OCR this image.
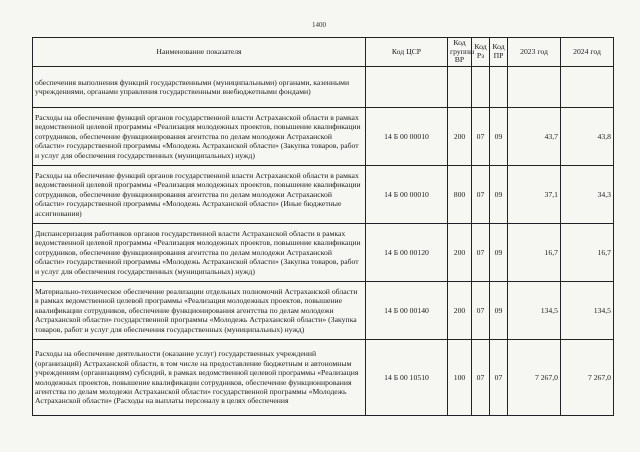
1400
Наименование показателя	Код ЦСР	Код группы ВР	Код Рз	Код ПР	2023 год	2024 год
обеспечения выполнения функций государственными (муниципальными) органами, казенными учреждениями, органами управления государственными внебюджетными фондами)						
Расходы на обеспечение функций органов государственной власти Астраханской области в рамках ведомственной целевой программы «Реализация молодежных проектов, повышение квалификации сотрудников, обеспечение функционирования агентства по делам молодежи Астраханской области» государственной программы «Молодежь Астраханской области» (Закупка товаров, работ и услуг для обеспечения государственных (муниципальных) нужд)	14 Б 00 00010	200	07	09	43,7	43,8
Расходы на обеспечение функций органов государственной власти Астраханской области в рамках ведомственной целевой программы «Реализация молодежных проектов, повышение квалификации сотрудников, обеспечение функционирования агентства по делам молодежи Астраханской области» государственной программы «Молодежь Астраханской области» (Иные бюджетные ассигнования)	14 Б 00 00010	800	07	09	37,1	34,3
Диспансеризация работников органов государственной власти Астраханской области в рамках ведомственной целевой программы «Реализация молодежных проектов, повышение квалификации сотрудников, обеспечение функционирования агентства по делам молодежи Астраханской области» государственной программы «Молодежь Астраханской области» (Закупка товаров, работ и услуг для обеспечения государственных (муниципальных) нужд)	14 Б 00 00120	200	07	09	16,7	16,7
Материально-техническое обеспечение реализации отдельных полномочий Астраханской области в рамках ведомственной целевой программы «Реализация молодежных проектов, повышение квалификации сотрудников, обеспечение функционирования агентства по делам молодежи Астраханской области» государственной программы «Молодежь Астраханской области» (Закупка товаров, работ и услуг для обеспечения государственных (муниципальных) нужд)	14 Б 00 00140	200	07	09	134,5	134,5
Расходы на обеспечение деятельности (оказание услуг) государственных учреждений (организаций) Астраханской области, в том числе на предоставление бюджетным и автономным учреждениям (организациям) субсидий, в рамках ведомственной целевой программы «Реализация молодежных проектов, повышение квалификации сотрудников, обеспечение функционирования агентства по делам молодежи Астраханской области» государственной программы «Молодежь Астраханской области» (Расходы на выплаты персоналу в целях обеспечения	14 Б 00 10510	100	07	07	7 267,0	7 267,0
